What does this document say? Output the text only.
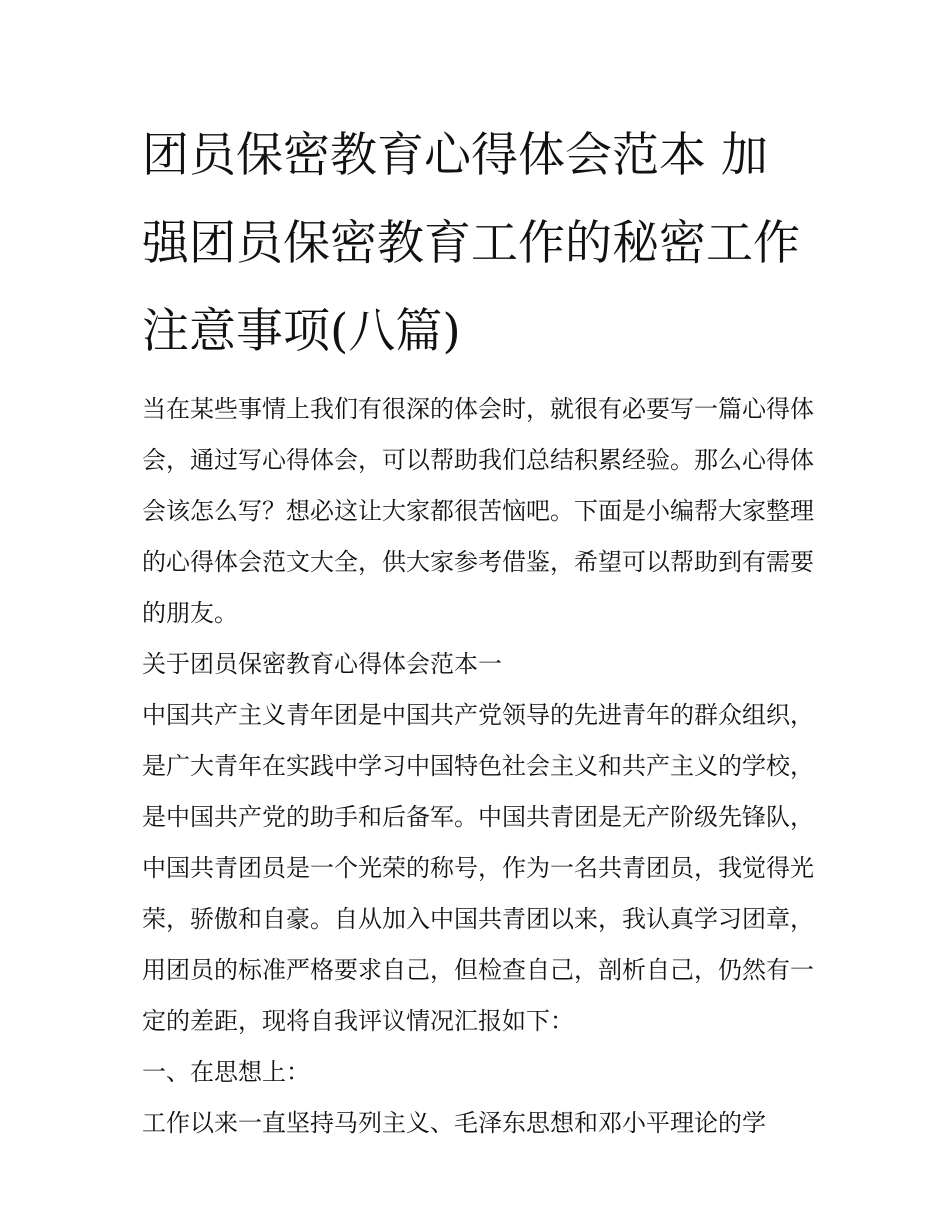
团员保密教育心得体会范本 加强团员保密教育工作的秘密工作注意事项(八篇)

当在某些事情上我们有很深的体会时，就很有必要写一篇心得体会，通过写心得体会，可以帮助我们总结积累经验。那么心得体会该怎么写？想必这让大家都很苦恼吧。下面是小编帮大家整理的心得体会范文大全，供大家参考借鉴，希望可以帮助到有需要的朋友。

关于团员保密教育心得体会范本一

中国共产主义青年团是中国共产党领导的先进青年的群众组织，是广大青年在实践中学习中国特色社会主义和共产主义的学校，是中国共产党的助手和后备军。中国共青团是无产阶级先锋队，中国共青团员是一个光荣的称号，作为一名共青团员，我觉得光荣，骄傲和自豪。自从加入中国共青团以来，我认真学习团章，用团员的标准严格要求自己，但检查自己，剖析自己，仍然有一定的差距，现将自我评议情况汇报如下：

一、在思想上：

工作以来一直坚持马列主义、毛泽东思想和邓小平理论的学
